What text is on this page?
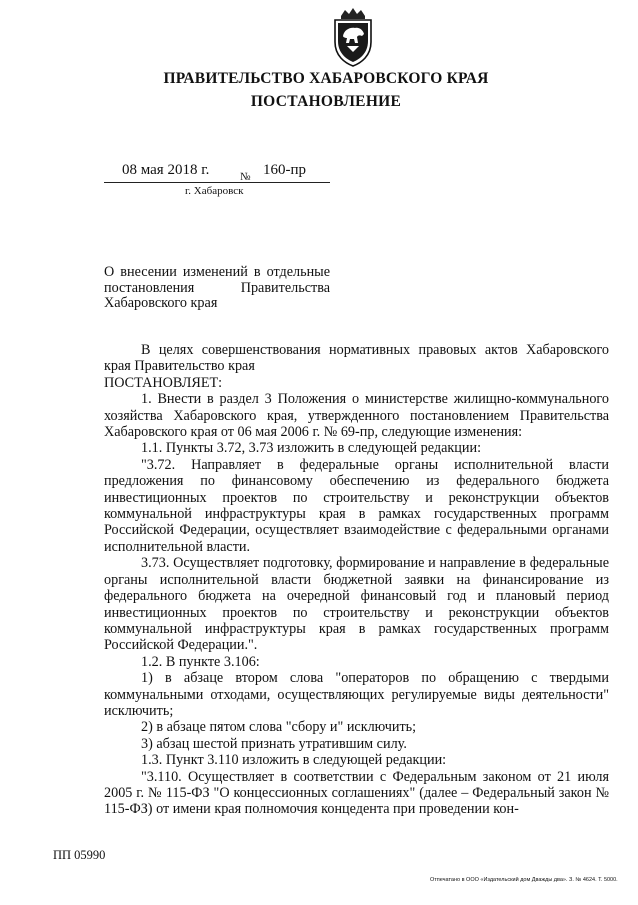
ПРАВИТЕЛЬСТВО ХАБАРОВСКОГО КРАЯ
ПОСТАНОВЛЕНИЕ
08 мая 2018 г.	№ 160-пр
г. Хабаровск
О внесении изменений в отдельные постановления Правительства Хабаровского края

В целях совершенствования нормативных правовых актов Хабаровского края Правительство края

ПОСТАНОВЛЯЕТ:

1. Внести в раздел 3 Положения о министерстве жилищно-коммунального хозяйства Хабаровского края, утвержденного постановлением Правительства Хабаровского края от 06 мая 2006 г. № 69-пр, следующие изменения:

1.1. Пункты 3.72, 3.73 изложить в следующей редакции:

"3.72. Направляет в федеральные органы исполнительной власти предложения по финансовому обеспечению из федерального бюджета инвестиционных проектов по строительству и реконструкции объектов коммунальной инфраструктуры края в рамках государственных программ Российской Федерации, осуществляет взаимодействие с федеральными органами исполнительной власти.

3.73. Осуществляет подготовку, формирование и направление в федеральные органы исполнительной власти бюджетной заявки на финансирование из федерального бюджета на очередной финансовый год и плановый период инвестиционных проектов по строительству и реконструкции объектов коммунальной инфраструктуры края в рамках государственных программ Российской Федерации.".

1.2. В пункте 3.106:

1) в абзаце втором слова "операторов по обращению с твердыми коммунальными отходами, осуществляющих регулируемые виды деятельности" исключить;

2) в абзаце пятом слова "сбору и" исключить;

3) абзац шестой признать утратившим силу.

1.3. Пункт 3.110 изложить в следующей редакции:

"3.110. Осуществляет в соответствии с Федеральным законом от 21 июля 2005 г. № 115-ФЗ "О концессионных соглашениях" (далее – Федеральный закон № 115-ФЗ) от имени края полномочия концедента при проведении кон-

ПП 05990
Отпечатано в ООО «Издательский дом Дважды два». З. № 4624. Т. 5000.
